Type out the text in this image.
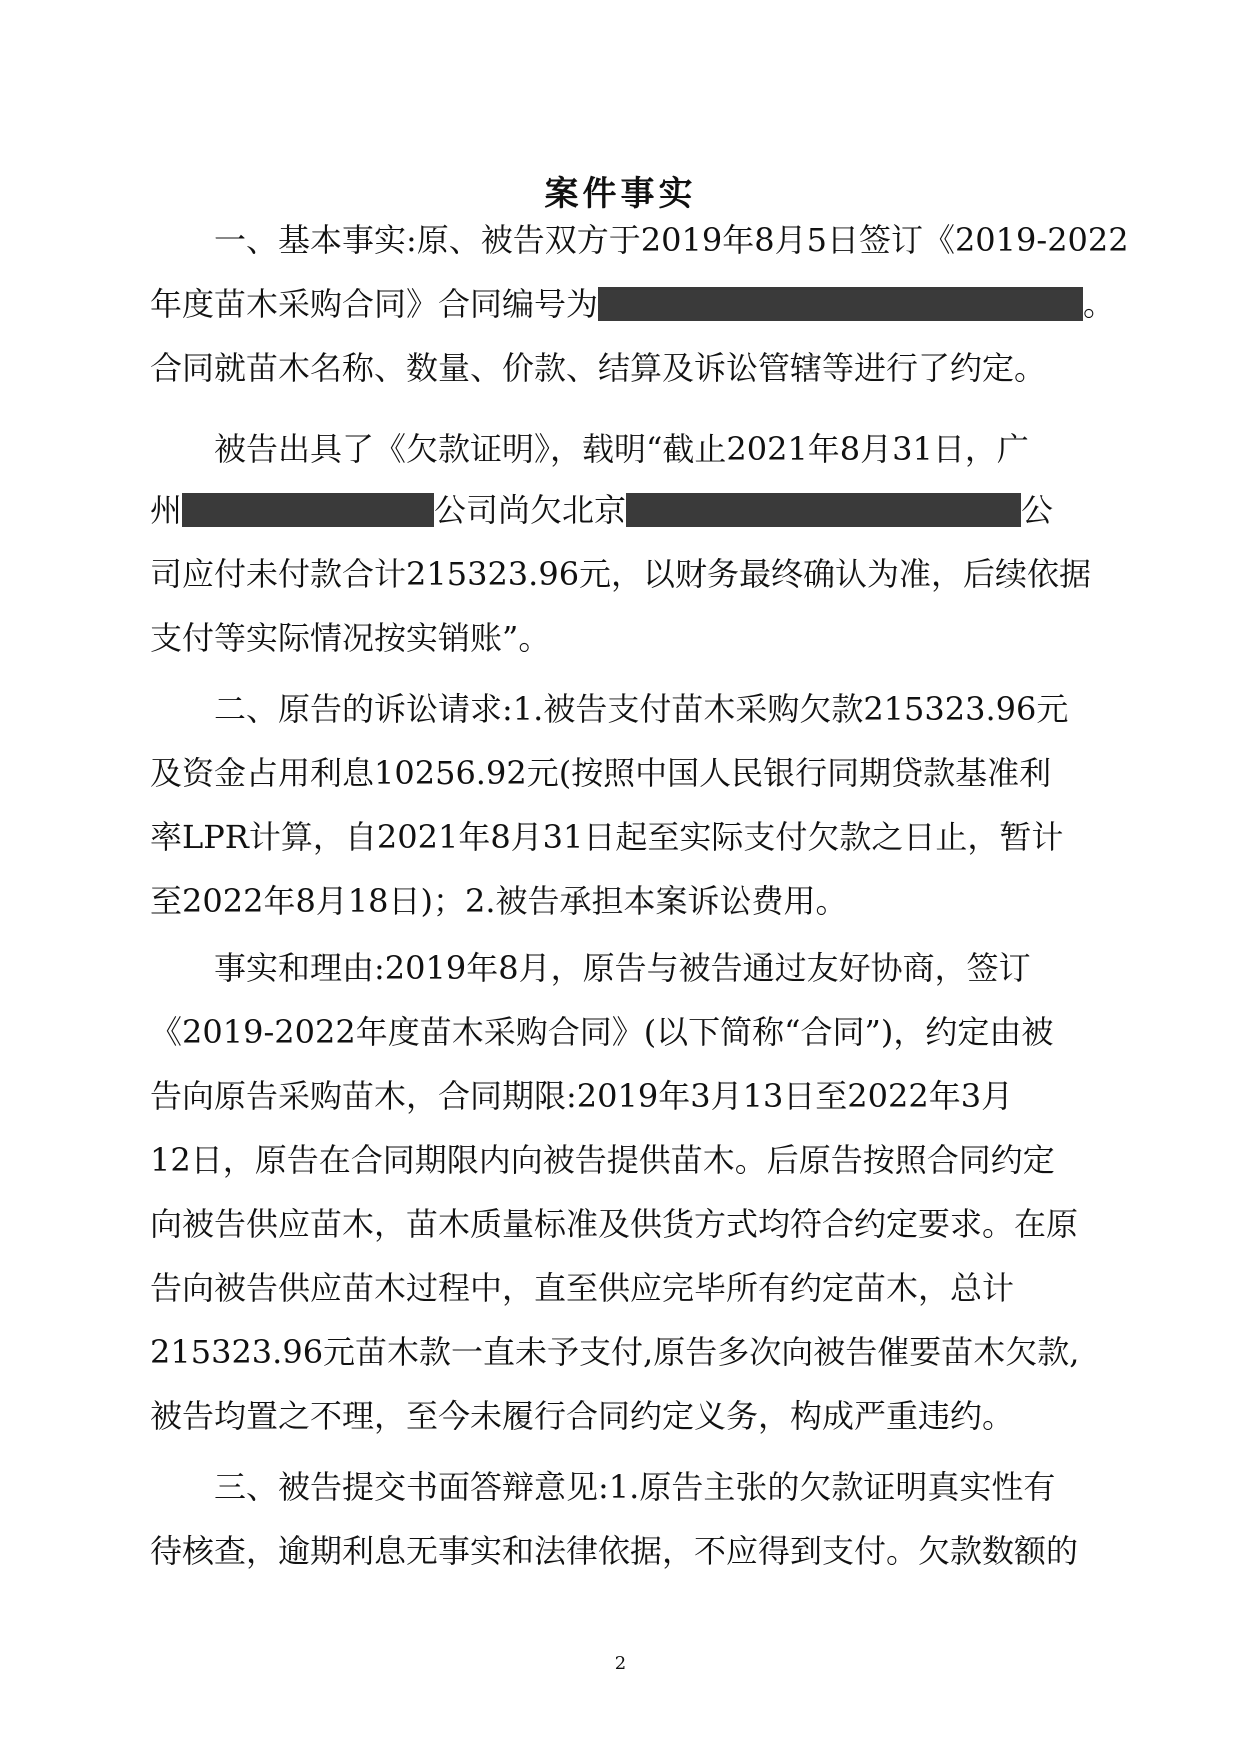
案件事实
一、基本事实:原、被告双方于2019年8月5日签订《2019-2022
年度苗木采购合同》合同编号为	。
合同就苗木名称、数量、价款、结算及诉讼管辖等进行了约定。
被告出具了《欠款证明》，载明“截止2021年8月31日，广
州	公司尚欠北京	公
司应付未付款合计215323.96元，以财务最终确认为准，后续依据
支付等实际情况按实销账”。
二、原告的诉讼请求:1.被告支付苗木采购欠款215323.96元
及资金占用利息10256.92元(按照中国人民银行同期贷款基准利
率LPR计算，自2021年8月31日起至实际支付欠款之日止，暂计
至2022年8月18日)；2.被告承担本案诉讼费用。
事实和理由:2019年8月，原告与被告通过友好协商，签订
《2019-2022年度苗木采购合同》(以下简称“合同”)，约定由被
告向原告采购苗木，合同期限:2019年3月13日至2022年3月
12日，原告在合同期限内向被告提供苗木。后原告按照合同约定
向被告供应苗木，苗木质量标准及供货方式均符合约定要求。在原
告向被告供应苗木过程中，直至供应完毕所有约定苗木，总计
215323.96元苗木款一直未予支付,原告多次向被告催要苗木欠款,
被告均置之不理，至今未履行合同约定义务，构成严重违约。
三、被告提交书面答辩意见:1.原告主张的欠款证明真实性有
待核查，逾期利息无事实和法律依据，不应得到支付。欠款数额的
2
